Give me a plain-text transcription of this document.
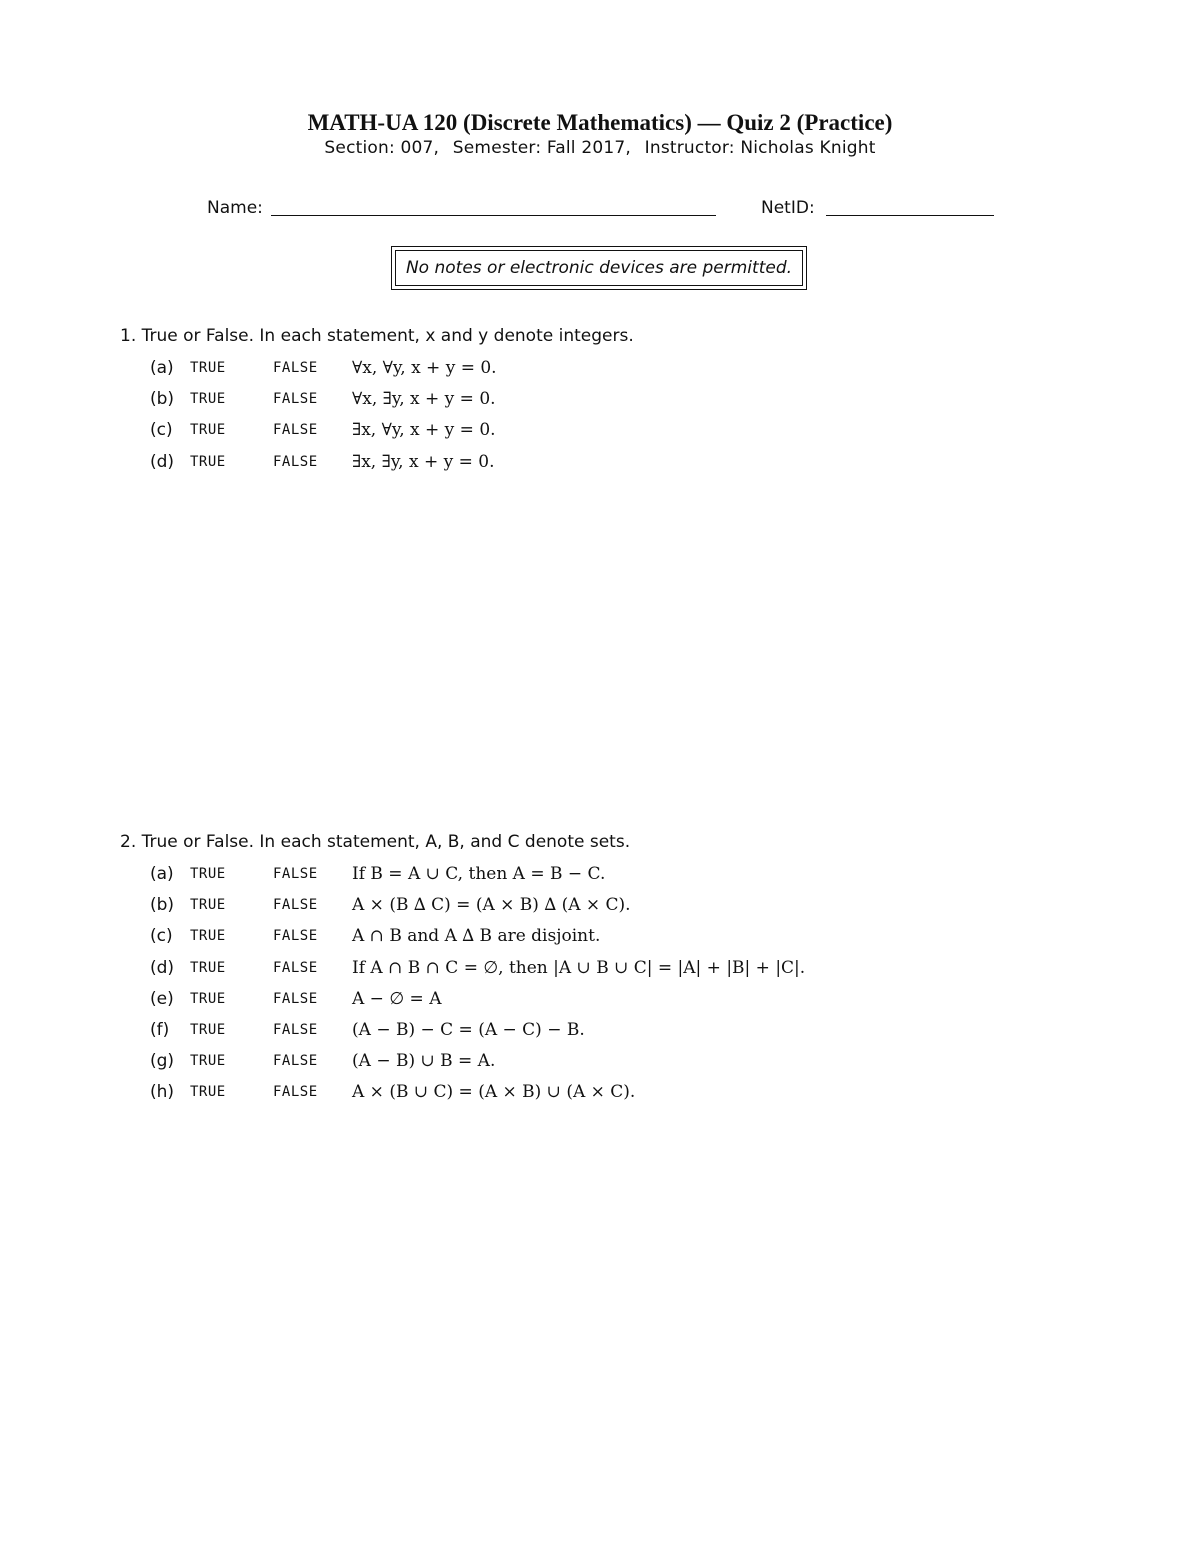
MATH-UA 120 (Discrete Mathematics) — Quiz 2 (Practice)
Section: 007, Semester: Fall 2017, Instructor: Nicholas Knight
Name:	NetID:
No notes or electronic devices are permitted.
1. True or False. In each statement, x and y denote integers.
(a)	TRUE	FALSE ∀x, ∀y, x + y = 0.
(b)	TRUE	FALSE ∀x, ∃y, x + y = 0.
(c)	TRUE	FALSE ∃x, ∀y, x + y = 0.
(d)	TRUE	FALSE ∃x, ∃y, x + y = 0.
2. True or False. In each statement, A, B, and C denote sets.
(a)	TRUE	FALSE If B = A ∪ C, then A = B − C.
(b)	TRUE	FALSE A × (B ∆ C) = (A × B) ∆ (A × C).
(c)	TRUE	FALSE A ∩ B and A ∆ B are disjoint.
(d)	TRUE	FALSE If A ∩ B ∩ C = ∅, then |A ∪ B ∪ C| = |A| + |B| + |C|.
(e)	TRUE	FALSE A − ∅ = A
(f)	TRUE	FALSE (A − B) − C = (A − C) − B.
(g)	TRUE	FALSE (A − B) ∪ B = A.
(h)	TRUE	FALSE A × (B ∪ C) = (A × B) ∪ (A × C).
